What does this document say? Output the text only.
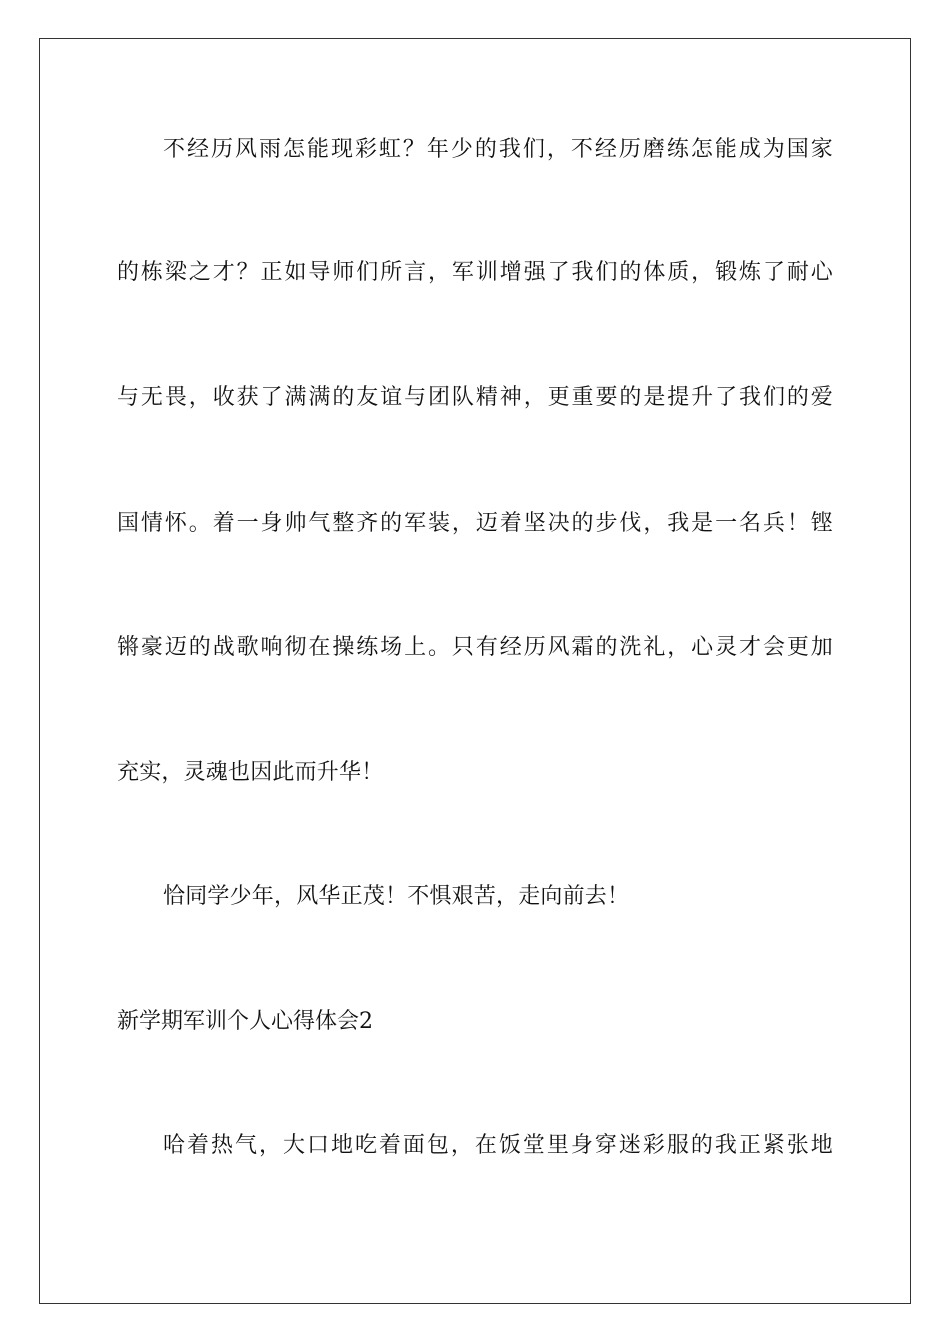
不经历风雨怎能现彩虹？年少的我们，不经历磨练怎能成为国家
的栋梁之才？正如导师们所言，军训增强了我们的体质，锻炼了耐心
与无畏，收获了满满的友谊与团队精神，更重要的是提升了我们的爱
国情怀。着一身帅气整齐的军装，迈着坚决的步伐，我是一名兵！铿
锵豪迈的战歌响彻在操练场上。只有经历风霜的洗礼，心灵才会更加
充实，灵魂也因此而升华！
恰同学少年，风华正茂！不惧艰苦，走向前去！
新学期军训个人心得体会2
哈着热气，大口地吃着面包，在饭堂里身穿迷彩服的我正紧张地
